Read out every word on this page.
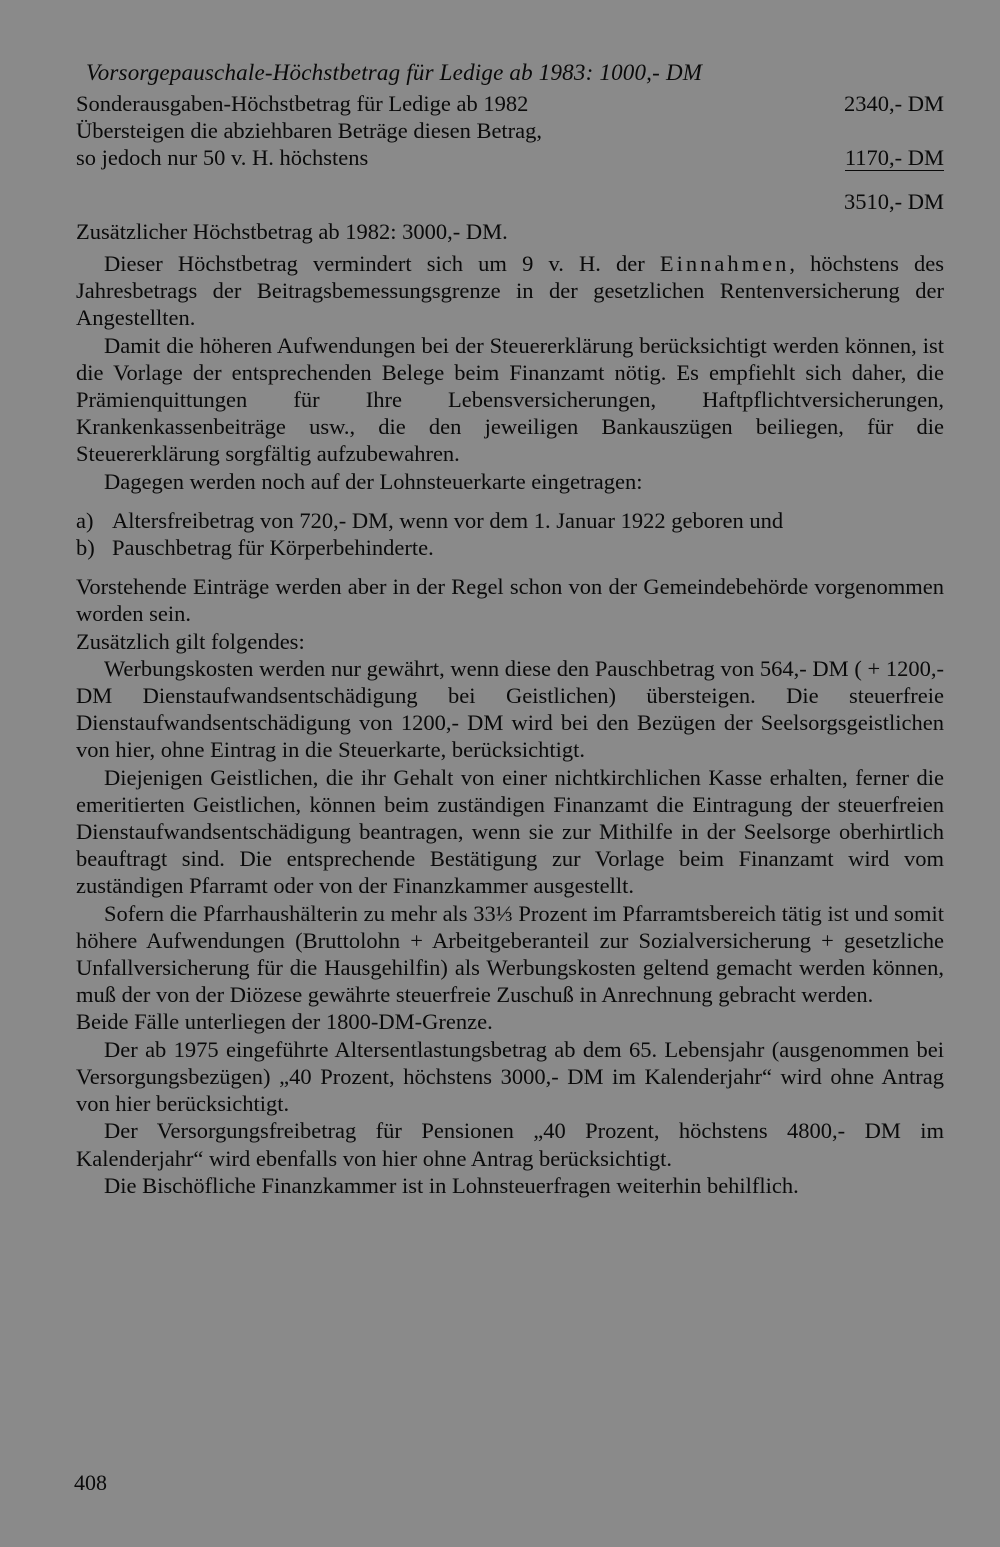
Vorsorgepauschale-Höchstbetrag für Ledige ab 1983: 1000,- DM

Sonderausgaben-Höchstbetrag für Ledige ab 1982
Übersteigen die abziehbaren Beträge diesen Betrag,
so jedoch nur 50 v. H. höchstens
2340,- DM
1170,- DM
3510,- DM
Zusätzlicher Höchstbetrag ab 1982: 3000,- DM.

Dieser Höchstbetrag vermindert sich um 9 v. H. der Einnahmen, höchstens des Jahresbetrags der Beitragsbemessungsgrenze in der gesetzlichen Rentenversicherung der Angestellten.

Damit die höheren Aufwendungen bei der Steuererklärung berücksichtigt werden können, ist die Vorlage der entsprechenden Belege beim Finanzamt nötig. Es empfiehlt sich daher, die Prämienquittungen für Ihre Lebensversicherungen, Haftpflichtversicherungen, Krankenkassenbeiträge usw., die den jeweiligen Bankauszügen beiliegen, für die Steuererklärung sorgfältig aufzubewahren.

Dagegen werden noch auf der Lohnsteuerkarte eingetragen:

a) Altersfreibetrag von 720,- DM, wenn vor dem 1. Januar 1922 geboren und
b) Pauschbetrag für Körperbehinderte.

Vorstehende Einträge werden aber in der Regel schon von der Gemeindebehörde vorgenommen worden sein.

Zusätzlich gilt folgendes:

Werbungskosten werden nur gewährt, wenn diese den Pauschbetrag von 564,- DM ( + 1200,- DM Dienstaufwandsentschädigung bei Geistlichen) übersteigen. Die steuerfreie Dienstaufwandsentschädigung von 1200,- DM wird bei den Bezügen der Seelsorgsgeistlichen von hier, ohne Eintrag in die Steuerkarte, berücksichtigt.

Diejenigen Geistlichen, die ihr Gehalt von einer nichtkirchlichen Kasse erhalten, ferner die emeritierten Geistlichen, können beim zuständigen Finanzamt die Eintragung der steuerfreien Dienstaufwandsentschädigung beantragen, wenn sie zur Mithilfe in der Seelsorge oberhirtlich beauftragt sind. Die entsprechende Bestätigung zur Vorlage beim Finanzamt wird vom zuständigen Pfarramt oder von der Finanzkammer ausgestellt.

Sofern die Pfarrhaushälterin zu mehr als 33⅓ Prozent im Pfarramtsbereich tätig ist und somit höhere Aufwendungen (Bruttolohn + Arbeitgeberanteil zur Sozialversicherung + gesetzliche Unfallversicherung für die Hausgehilfin) als Werbungskosten geltend gemacht werden können, muß der von der Diözese gewährte steuerfreie Zuschuß in Anrechnung gebracht werden.

Beide Fälle unterliegen der 1800-DM-Grenze.

Der ab 1975 eingeführte Altersentlastungsbetrag ab dem 65. Lebensjahr (ausgenommen bei Versorgungsbezügen) „40 Prozent, höchstens 3000,- DM im Kalenderjahr“ wird ohne Antrag von hier berücksichtigt.

Der Versorgungsfreibetrag für Pensionen „40 Prozent, höchstens 4800,- DM im Kalenderjahr“ wird ebenfalls von hier ohne Antrag berücksichtigt.

Die Bischöfliche Finanzkammer ist in Lohnsteuerfragen weiterhin behilflich.

408
